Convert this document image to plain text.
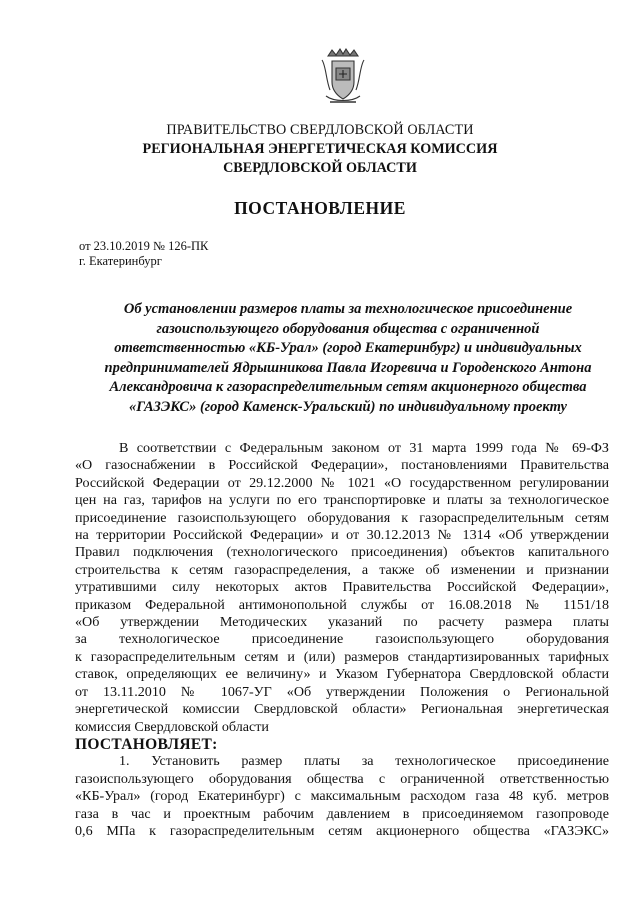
ПРАВИТЕЛЬСТВО СВЕРДЛОВСКОЙ ОБЛАСТИ
РЕГИОНАЛЬНАЯ ЭНЕРГЕТИЧЕСКАЯ КОМИССИЯ
СВЕРДЛОВСКОЙ ОБЛАСТИ
ПОСТАНОВЛЕНИЕ
от 23.10.2019 № 126-ПК
г. Екатеринбург
Об установлении размеров платы за технологическое присоединение
газоиспользующего оборудования общества с ограниченной
ответственностью «КБ-Урал» (город Екатеринбург) и индивидуальных
предпринимателей Ядрышникова Павла Игоревича и Городенского Антона
Александровича к газораспределительным сетям акционерного общества
«ГАЗЭКС» (город Каменск-Уральский) по индивидуальному проекту
В соответствии с Федеральным законом от 31 марта 1999 года № 69-ФЗ
«О газоснабжении в Российской Федерации», постановлениями Правительства
Российской Федерации от 29.12.2000 № 1021 «О государственном регулировании
цен на газ, тарифов на услуги по его транспортировке и платы за технологическое
присоединение газоиспользующего оборудования к газораспределительным сетям
на территории Российской Федерации» и от 30.12.2013 № 1314 «Об утверждении
Правил подключения (технологического присоединения) объектов капитального
строительства к сетям газораспределения, а также об изменении и признании
утратившими силу некоторых актов Правительства Российской Федерации»,
приказом Федеральной антимонопольной службы от 16.08.2018 № 1151/18
«Об утверждении Методических указаний по расчету размера платы
за технологическое присоединение газоиспользующего оборудования
к газораспределительным сетям и (или) размеров стандартизированных тарифных
ставок, определяющих ее величину» и Указом Губернатора Свердловской области
от 13.11.2010 № 1067-УГ «Об утверждении Положения о Региональной
энергетической комиссии Свердловской области» Региональная энергетическая
комиссия Свердловской области
ПОСТАНОВЛЯЕТ:
1. Установить размер платы за технологическое присоединение
газоиспользующего оборудования общества с ограниченной ответственностью
«КБ-Урал» (город Екатеринбург) с максимальным расходом газа 48 куб. метров
газа в час и проектным рабочим давлением в присоединяемом газопроводе
0,6 МПа к газораспределительным сетям акционерного общества «ГАЗЭКС»
